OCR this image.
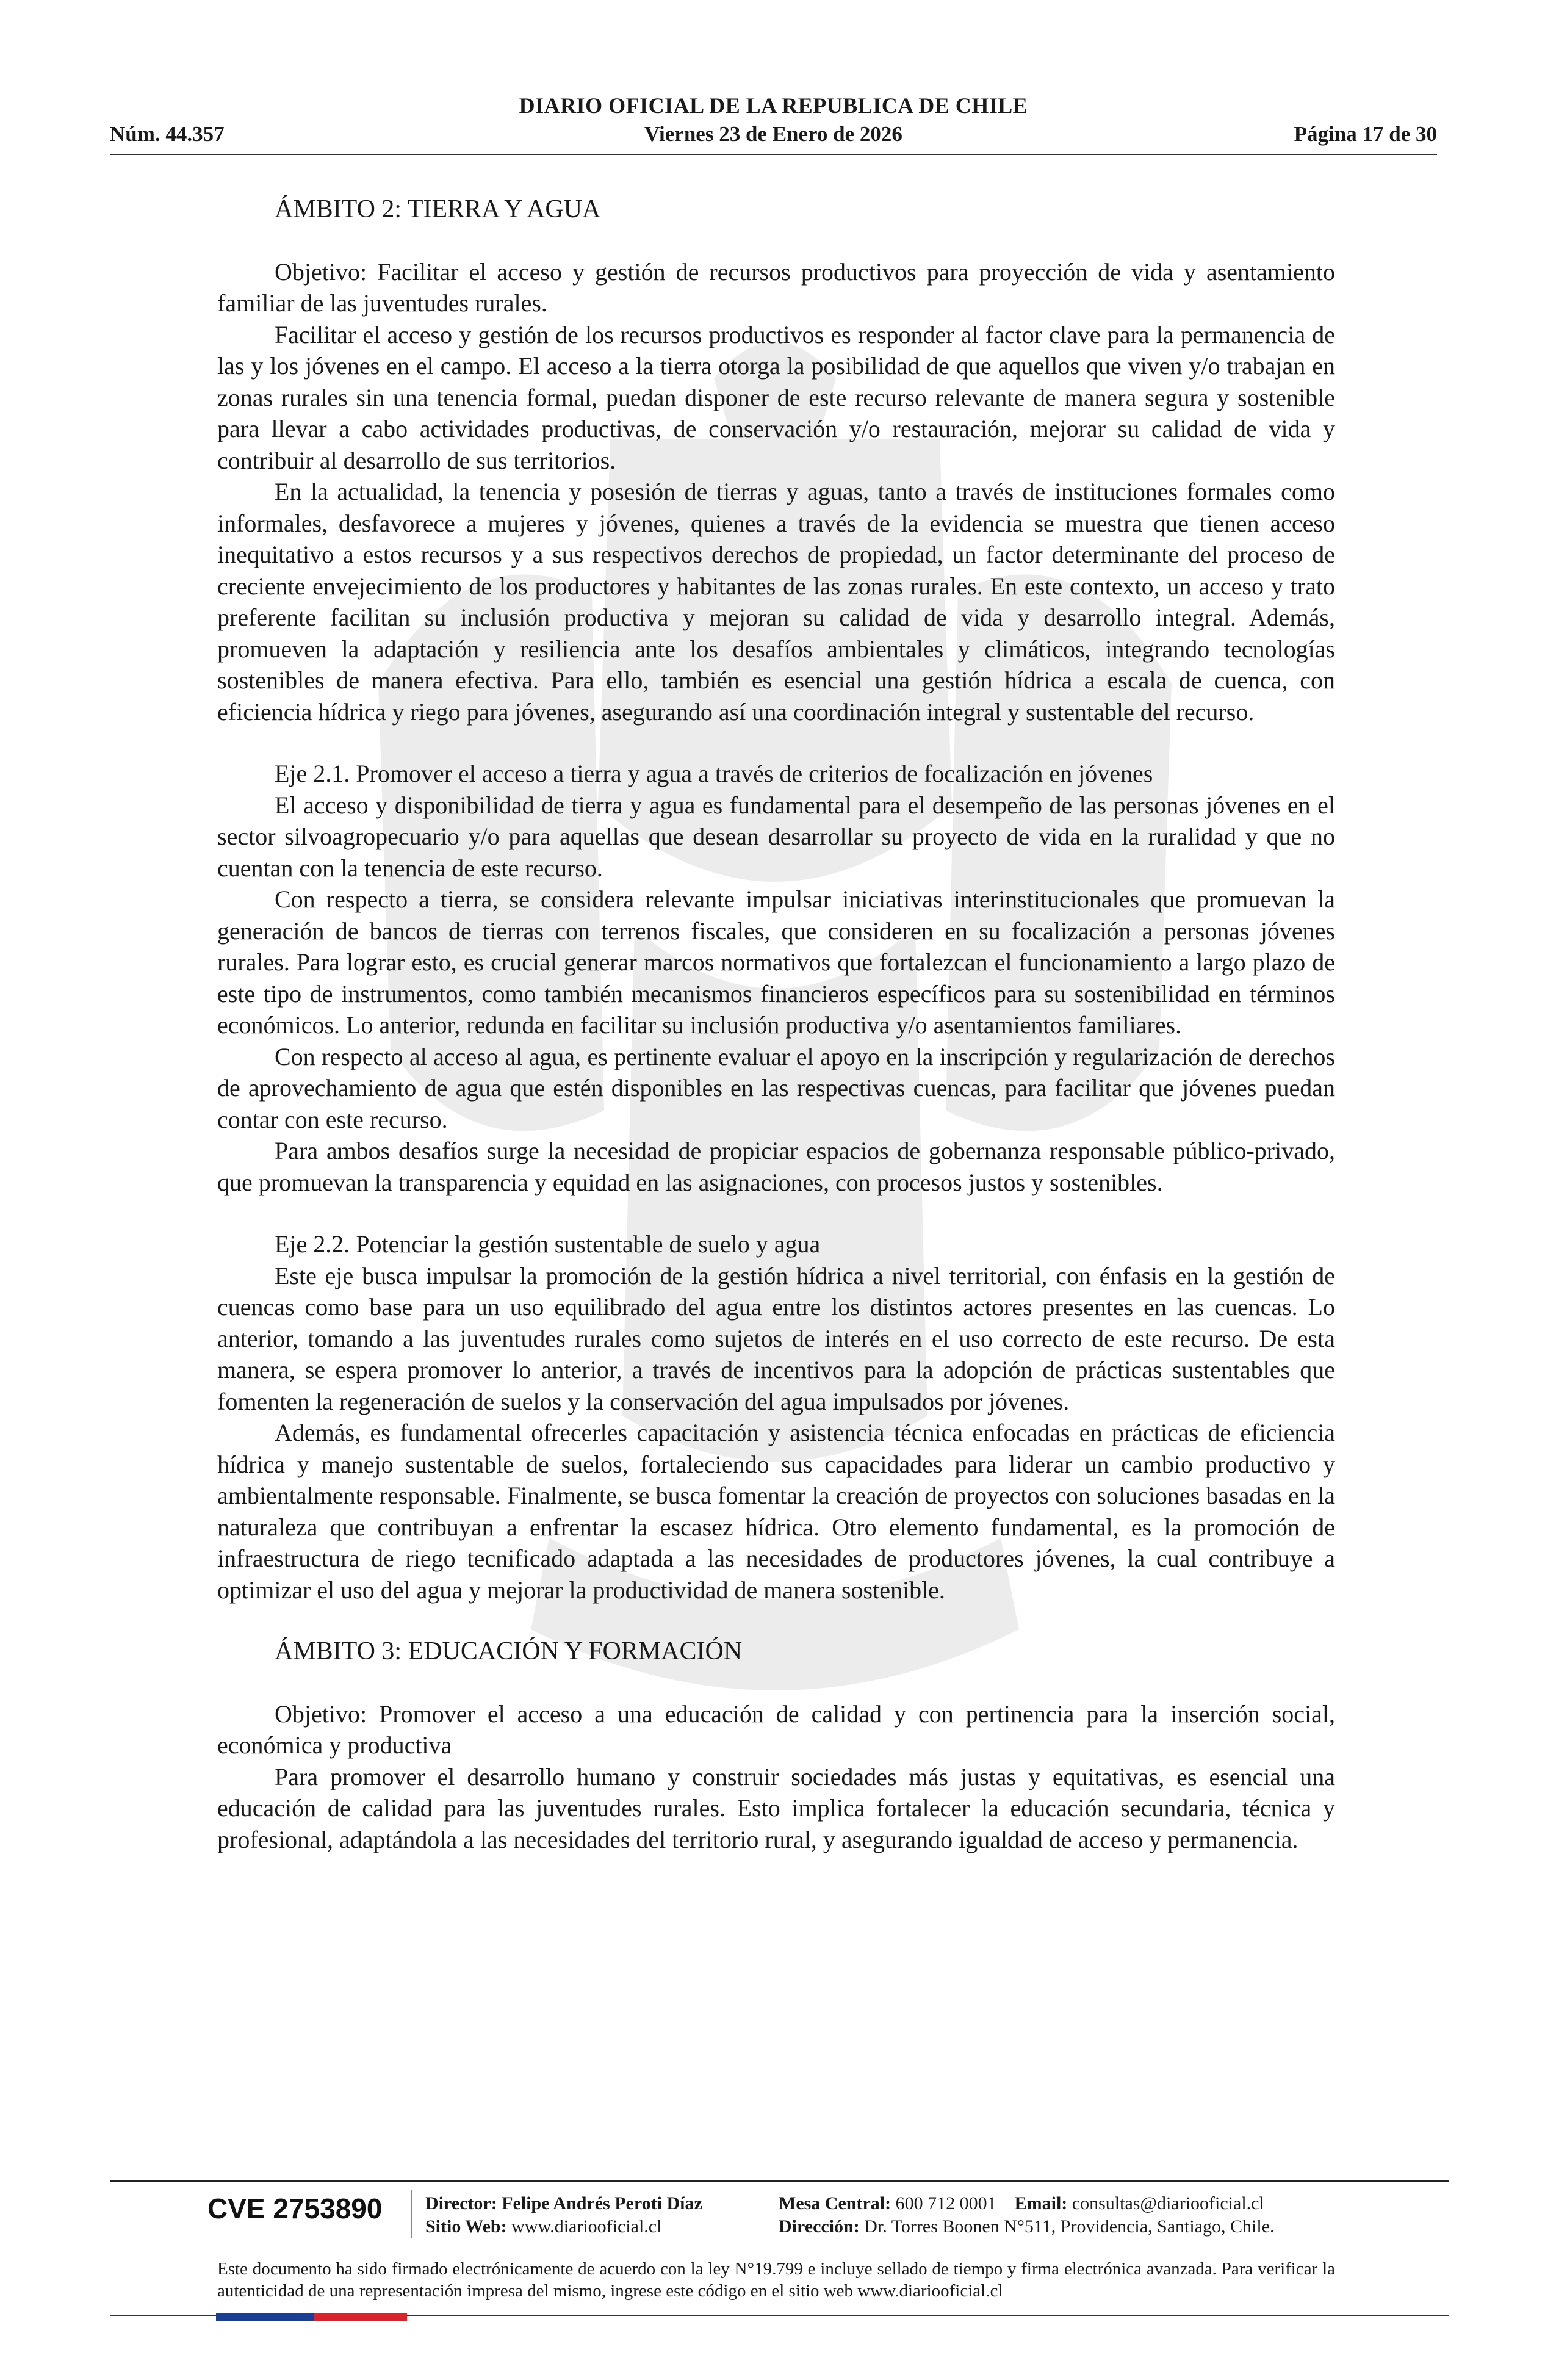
DIARIO OFICIAL DE LA REPUBLICA DE CHILE
Núm. 44.357	Viernes 23 de Enero de 2026	Página 17 de 30
ÁMBITO 2: TIERRA Y AGUA

Objetivo: Facilitar el acceso y gestión de recursos productivos para proyección de vida y asentamiento familiar de las juventudes rurales.

Facilitar el acceso y gestión de los recursos productivos es responder al factor clave para la permanencia de las y los jóvenes en el campo. El acceso a la tierra otorga la posibilidad de que aquellos que viven y/o trabajan en zonas rurales sin una tenencia formal, puedan disponer de este recurso relevante de manera segura y sostenible para llevar a cabo actividades productivas, de conservación y/o restauración, mejorar su calidad de vida y contribuir al desarrollo de sus territorios.

En la actualidad, la tenencia y posesión de tierras y aguas, tanto a través de instituciones formales como informales, desfavorece a mujeres y jóvenes, quienes a través de la evidencia se muestra que tienen acceso inequitativo a estos recursos y a sus respectivos derechos de propiedad, un factor determinante del proceso de creciente envejecimiento de los productores y habitantes de las zonas rurales. En este contexto, un acceso y trato preferente facilitan su inclusión productiva y mejoran su calidad de vida y desarrollo integral. Además, promueven la adaptación y resiliencia ante los desafíos ambientales y climáticos, integrando tecnologías sostenibles de manera efectiva. Para ello, también es esencial una gestión hídrica a escala de cuenca, con eficiencia hídrica y riego para jóvenes, asegurando así una coordinación integral y sustentable del recurso.

Eje 2.1. Promover el acceso a tierra y agua a través de criterios de focalización en jóvenes

El acceso y disponibilidad de tierra y agua es fundamental para el desempeño de las personas jóvenes en el sector silvoagropecuario y/o para aquellas que desean desarrollar su proyecto de vida en la ruralidad y que no cuentan con la tenencia de este recurso.

Con respecto a tierra, se considera relevante impulsar iniciativas interinstitucionales que promuevan la generación de bancos de tierras con terrenos fiscales, que consideren en su focalización a personas jóvenes rurales. Para lograr esto, es crucial generar marcos normativos que fortalezcan el funcionamiento a largo plazo de este tipo de instrumentos, como también mecanismos financieros específicos para su sostenibilidad en términos económicos. Lo anterior, redunda en facilitar su inclusión productiva y/o asentamientos familiares.

Con respecto al acceso al agua, es pertinente evaluar el apoyo en la inscripción y regularización de derechos de aprovechamiento de agua que estén disponibles en las respectivas cuencas, para facilitar que jóvenes puedan contar con este recurso.

Para ambos desafíos surge la necesidad de propiciar espacios de gobernanza responsable público-privado, que promuevan la transparencia y equidad en las asignaciones, con procesos justos y sostenibles.

Eje 2.2. Potenciar la gestión sustentable de suelo y agua

Este eje busca impulsar la promoción de la gestión hídrica a nivel territorial, con énfasis en la gestión de cuencas como base para un uso equilibrado del agua entre los distintos actores presentes en las cuencas. Lo anterior, tomando a las juventudes rurales como sujetos de interés en el uso correcto de este recurso. De esta manera, se espera promover lo anterior, a través de incentivos para la adopción de prácticas sustentables que fomenten la regeneración de suelos y la conservación del agua impulsados por jóvenes.

Además, es fundamental ofrecerles capacitación y asistencia técnica enfocadas en prácticas de eficiencia hídrica y manejo sustentable de suelos, fortaleciendo sus capacidades para liderar un cambio productivo y ambientalmente responsable. Finalmente, se busca fomentar la creación de proyectos con soluciones basadas en la naturaleza que contribuyan a enfrentar la escasez hídrica. Otro elemento fundamental, es la promoción de infraestructura de riego tecnificado adaptada a las necesidades de productores jóvenes, la cual contribuye a optimizar el uso del agua y mejorar la productividad de manera sostenible.

ÁMBITO 3: EDUCACIÓN Y FORMACIÓN

Objetivo: Promover el acceso a una educación de calidad y con pertinencia para la inserción social, económica y productiva

Para promover el desarrollo humano y construir sociedades más justas y equitativas, es esencial una educación de calidad para las juventudes rurales. Esto implica fortalecer la educación secundaria, técnica y profesional, adaptándola a las necesidades del territorio rural, y asegurando igualdad de acceso y permanencia.

CVE 2753890 Director: Felipe Andrés Peroti Díaz
Sitio Web: www.diariooficial.cl
Mesa Central: 600 712 0001 Email: consultas@diariooficial.cl
Dirección: Dr. Torres Boonen N°511, Providencia, Santiago, Chile.
Este documento ha sido firmado electrónicamente de acuerdo con la ley N°19.799 e incluye sellado de tiempo y firma electrónica avanzada. Para verificar la autenticidad de una representación impresa del mismo, ingrese este código en el sitio web www.diariooficial.cl
